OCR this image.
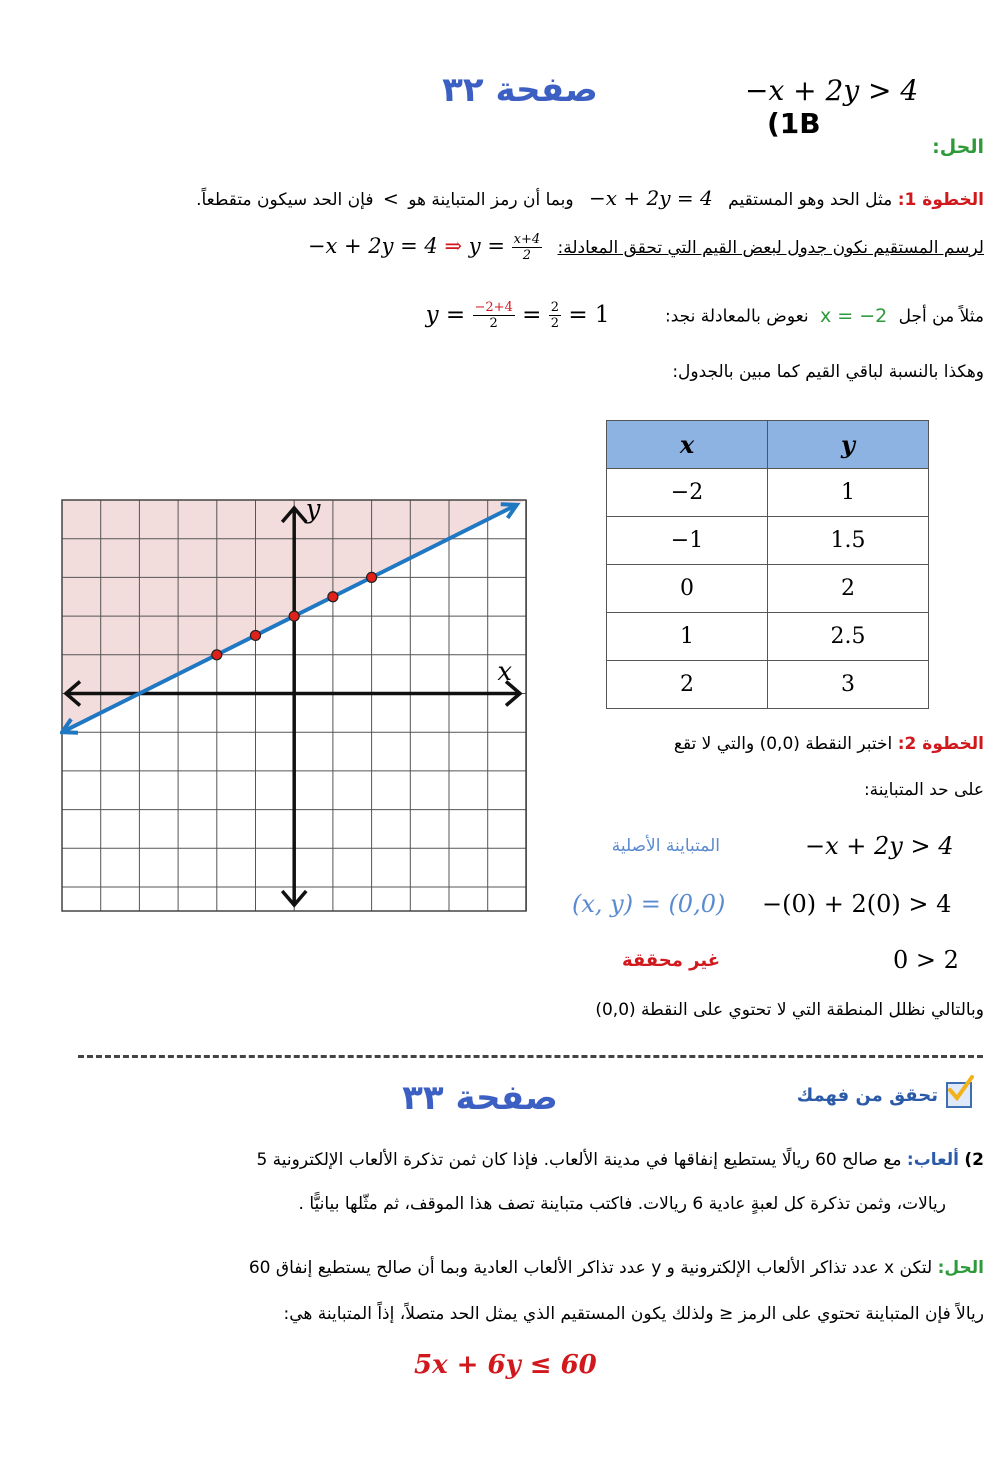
صفحة ٣٢	−x + 2y > 4 (1B
الحل:
الخطوة 1: مثل الحد وهو المستقيم −x + 2y = 4 وبما أن رمز المتباينة هو < فإن الحد سيكون متقطعاً.
لرسم المستقيم نكون جدول لبعض القيم التي تحقق المعادلة: −x + 2y = 4 ⇒ $y = \frac{x+4}{2}$
مثلاً من أجل x = −2 نعوض بالمعادلة نجد: $y = \frac{-2+4}{2} = \frac{2}{2} = 1$
وهكذا بالنسبة لباقي القيم كما مبين بالجدول:
x	y
−2	1
−1	1.5
0	2
1	2.5
2	3
x
y
الخطوة 2: اختبر النقطة (0,0) والتي لا تقع
على حد المتباينة:
−x + 2y > 4
المتباينة الأصلية
−(0) + 2(0) > 4
(x, y) = (0,0)
0 > 2
غير محققة
وبالتالي نظلل المنطقة التي لا تحتوي على النقطة (0,0)
صفحة ٣٣	تحقق من فهمك
2) ألعاب: مع صالح 60 ريالًا يستطيع إنفاقها في مدينة الألعاب. فإذا كان ثمن تذكرة الألعاب الإلكترونية 5
ريالات، وثمن تذكرة كل لعبةٍ عادية 6 ريالات. فاكتب متباينة تصف هذا الموقف، ثم مثّلها بيانيًّا .
الحل: لتكن x عدد تذاكر الألعاب الإلكترونية و y عدد تذاكر الألعاب العادية وبما أن صالح يستطيع إنفاق 60
ريالاً فإن المتباينة تحتوي على الرمز ≤ ولذلك يكون المستقيم الذي يمثل الحد متصلاً، إذاً المتباينة هي:
5x + 6y ≤ 60
